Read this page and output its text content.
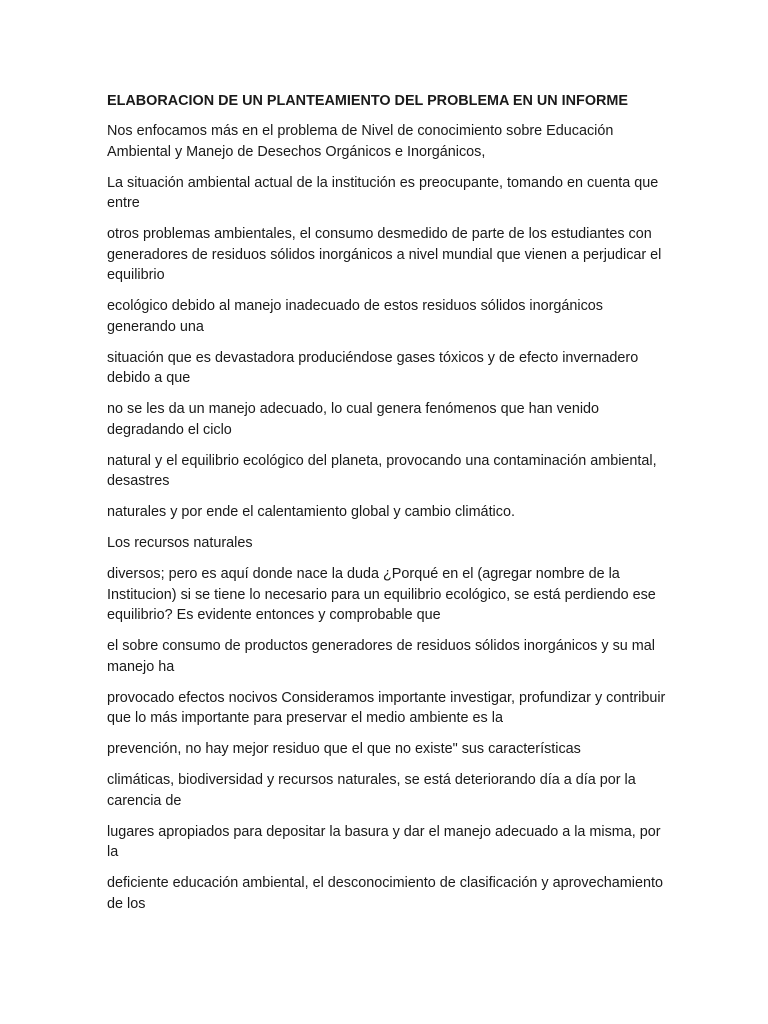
ELABORACION DE UN PLANTEAMIENTO DEL PROBLEMA EN UN INFORME

Nos enfocamos más en el problema de Nivel de conocimiento sobre Educación Ambiental y Manejo de Desechos Orgánicos e Inorgánicos,

La situación ambiental actual de la institución es preocupante, tomando en cuenta que entre

otros problemas ambientales, el consumo desmedido de parte de los estudiantes con generadores de residuos sólidos inorgánicos a nivel mundial que vienen a perjudicar el equilibrio

ecológico debido al manejo inadecuado de estos residuos sólidos inorgánicos generando una

situación que es devastadora produciéndose gases tóxicos y de efecto invernadero debido a que

no se les da un manejo adecuado, lo cual genera fenómenos que han venido degradando el ciclo

natural y el equilibrio ecológico del planeta, provocando una contaminación ambiental, desastres

naturales y por ende el calentamiento global y cambio climático.

Los recursos naturales

diversos; pero es aquí donde nace la duda ¿Porqué en el (agregar nombre de la Institucion) si se tiene lo necesario para un equilibrio ecológico, se está perdiendo ese equilibrio? Es evidente entonces y comprobable que

el sobre consumo de productos generadores de residuos sólidos inorgánicos y su mal manejo ha

provocado efectos nocivos Consideramos importante investigar, profundizar y contribuir que lo más importante para preservar el medio ambiente es la

prevención, no hay mejor residuo que el que no existe" sus características

climáticas, biodiversidad y recursos naturales, se está deteriorando día a día por la carencia de

lugares apropiados para depositar la basura y dar el manejo adecuado a la misma, por la

deficiente educación ambiental, el desconocimiento de clasificación y aprovechamiento de los
